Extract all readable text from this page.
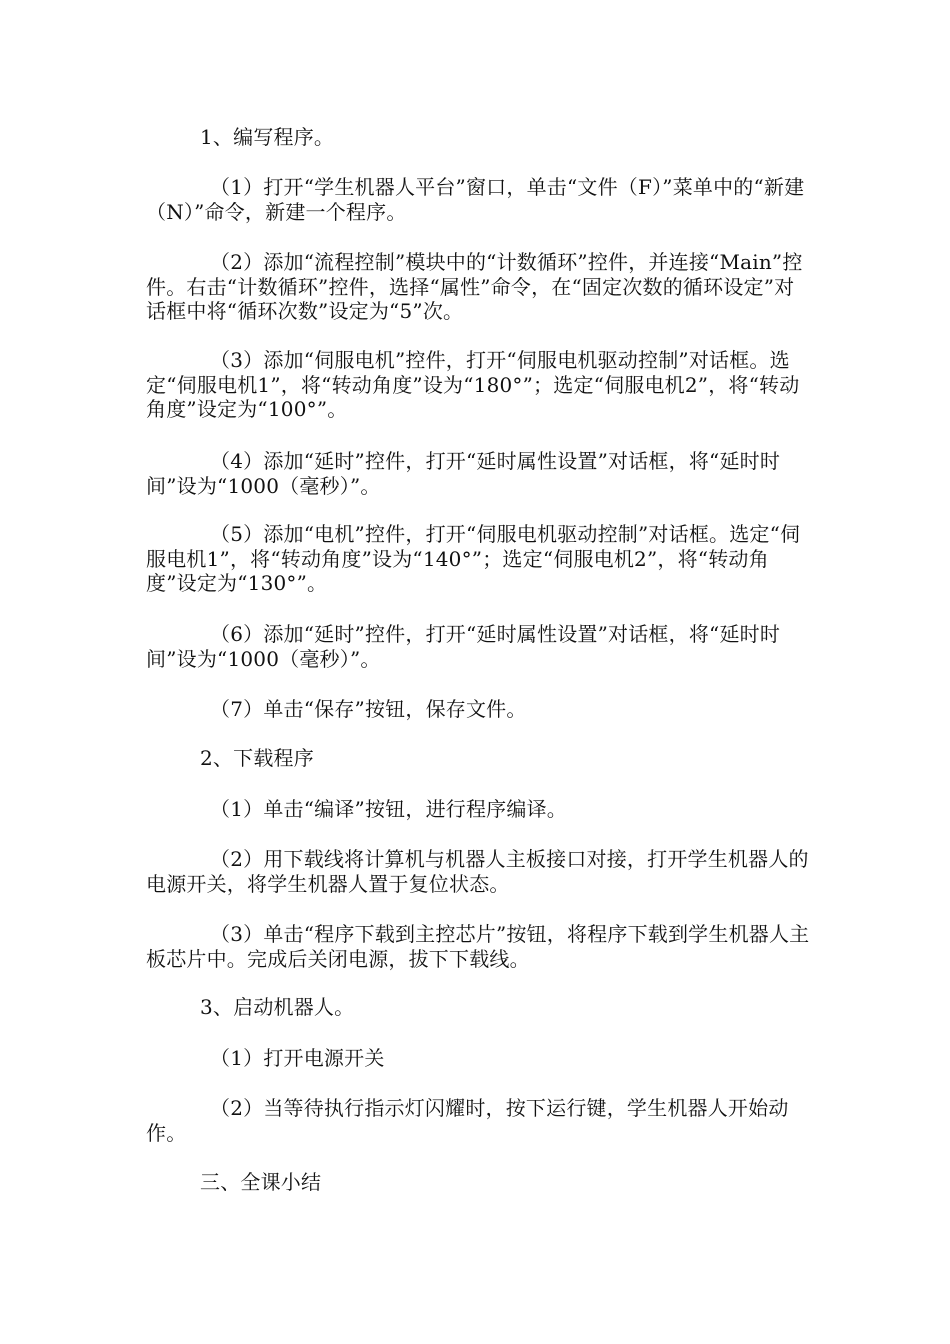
1、编写程序。

（1）打开“学生机器人平台”窗口，单击“文件（F）”菜单中的“新建（N）”命令，新建一个程序。

（2）添加“流程控制”模块中的“计数循环”控件，并连接“Main”控件。右击“计数循环”控件，选择“属性”命令，在“固定次数的循环设定”对话框中将“循环次数”设定为“5”次。

（3）添加“伺服电机”控件，打开“伺服电机驱动控制”对话框。选定“伺服电机1”，将“转动角度”设为“180°”；选定“伺服电机2”，将“转动角度”设定为“100°”。

（4）添加“延时”控件，打开“延时属性设置”对话框，将“延时时间”设为“1000（毫秒）”。

（5）添加“电机”控件，打开“伺服电机驱动控制”对话框。选定“伺服电机1”，将“转动角度”设为“140°”；选定“伺服电机2”，将“转动角度”设定为“130°”。

（6）添加“延时”控件，打开“延时属性设置”对话框，将“延时时间”设为“1000（毫秒）”。

（7）单击“保存”按钮，保存文件。

2、下载程序

（1）单击“编译”按钮，进行程序编译。

（2）用下载线将计算机与机器人主板接口对接，打开学生机器人的电源开关，将学生机器人置于复位状态。

（3）单击“程序下载到主控芯片”按钮，将程序下载到学生机器人主板芯片中。完成后关闭电源，拔下下载线。

3、启动机器人。

（1）打开电源开关

（2）当等待执行指示灯闪耀时，按下运行键，学生机器人开始动作。

三、全课小结
